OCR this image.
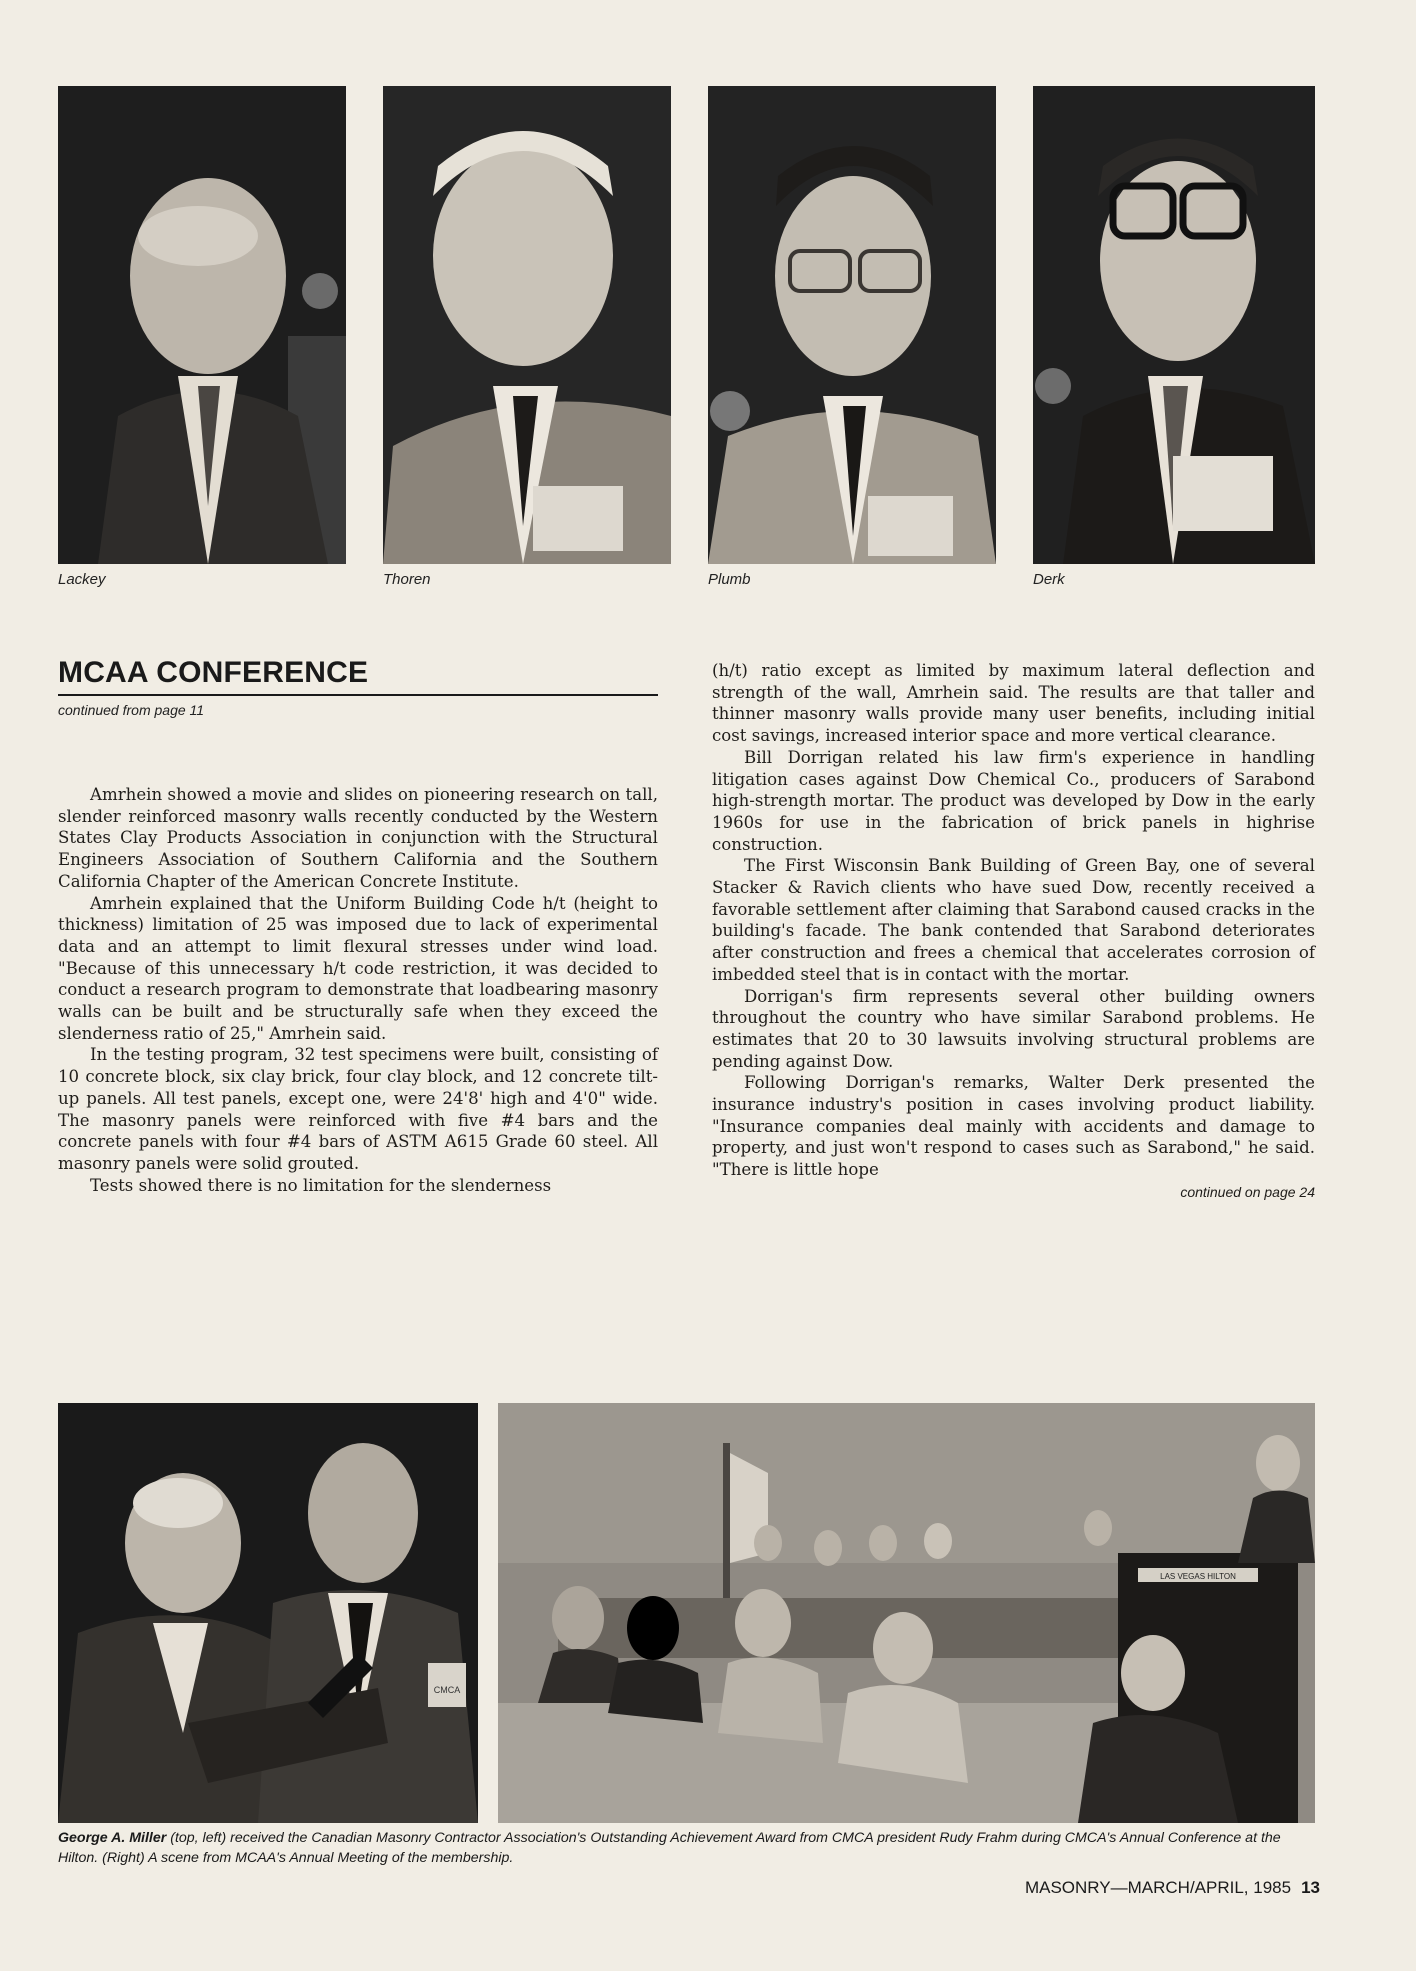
Lackey	Thoren	Plumb	Derk
MCAA CONFERENCE
continued from page 11

Amrhein showed a movie and slides on pioneering research on tall, slender reinforced masonry walls recently conducted by the Western States Clay Products Association in conjunction with the Structural Engineers Association of Southern California and the Southern California Chapter of the American Concrete Institute.

Amrhein explained that the Uniform Building Code h/t (height to thickness) limitation of 25 was imposed due to lack of experimental data and an attempt to limit flexural stresses under wind load. "Because of this unnecessary h/t code restriction, it was decided to conduct a research program to demonstrate that loadbearing masonry walls can be built and be structurally safe when they exceed the slenderness ratio of 25," Amrhein said.

In the testing program, 32 test specimens were built, consisting of 10 concrete block, six clay brick, four clay block, and 12 concrete tilt-up panels. All test panels, except one, were 24'8' high and 4'0" wide. The masonry panels were reinforced with five #4 bars and the concrete panels with four #4 bars of ASTM A615 Grade 60 steel. All masonry panels were solid grouted.

Tests showed there is no limitation for the slenderness

(h/t) ratio except as limited by maximum lateral deflection and strength of the wall, Amrhein said. The results are that taller and thinner masonry walls provide many user benefits, including initial cost savings, increased interior space and more vertical clearance.

Bill Dorrigan related his law firm's experience in handling litigation cases against Dow Chemical Co., producers of Sarabond high-strength mortar. The product was developed by Dow in the early 1960s for use in the fabrication of brick panels in highrise construction.

The First Wisconsin Bank Building of Green Bay, one of several Stacker & Ravich clients who have sued Dow, recently received a favorable settlement after claiming that Sarabond caused cracks in the building's facade. The bank contended that Sarabond deteriorates after construction and frees a chemical that accelerates corrosion of imbedded steel that is in contact with the mortar.

Dorrigan's firm represents several other building owners throughout the country who have similar Sarabond problems. He estimates that 20 to 30 lawsuits involving structural problems are pending against Dow.

Following Dorrigan's remarks, Walter Derk presented the insurance industry's position in cases involving product liability. "Insurance companies deal mainly with accidents and damage to property, and just won't respond to cases such as Sarabond," he said. "There is little hope

continued on page 24
CMCA
LAS VEGAS HILTON
George A. Miller (top, left) received the Canadian Masonry Contractor Association's Outstanding Achievement Award from CMCA president Rudy Frahm during CMCA's Annual Conference at the Hilton. (Right) A scene from MCAA's Annual Meeting of the membership.
MASONRY—MARCH/APRIL, 1985 13
